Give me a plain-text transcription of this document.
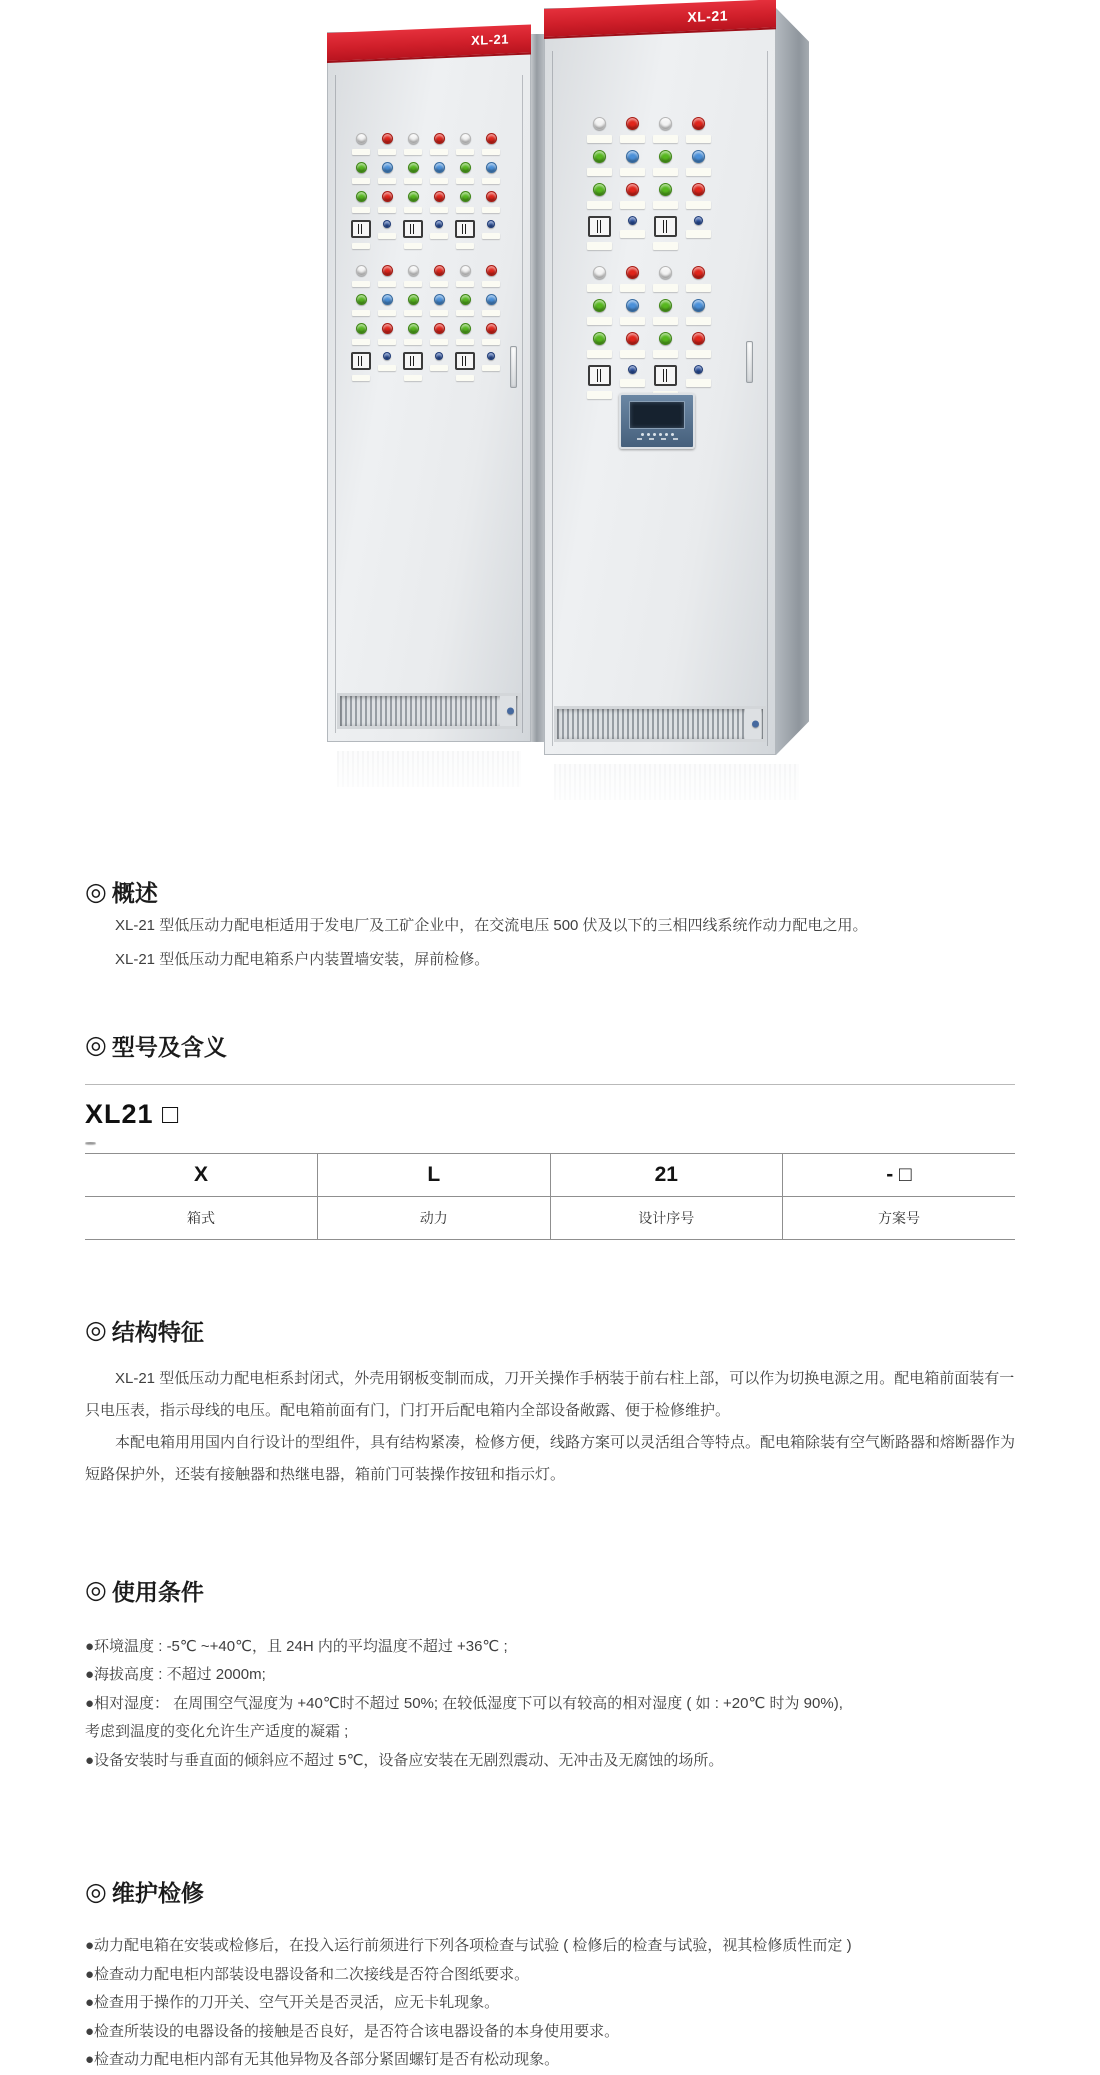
XL-21
XL-21
◎ 概述

XL-21 型低压动力配电柜适用于发电厂及工矿企业中，在交流电压 500 伏及以下的三相四线系统作动力配电之用。

XL-21 型低压动力配电箱系户内装置墙安装，屏前检修。

◎ 型号及含义
XL21 □
X	L	21	- □
箱式	动力	设计序号	方案号
◎ 结构特征

XL-21 型低压动力配电柜系封闭式，外壳用钢板变制而成，刀开关操作手柄装于前右柱上部，可以作为切换电源之用。配电箱前面装有一只电压表，指示母线的电压。配电箱前面有门，门打开后配电箱内全部设备敞露、便于检修维护。

本配电箱用用国内自行设计的型组件，具有结构紧凑，检修方便，线路方案可以灵活组合等特点。配电箱除装有空气断路器和熔断器作为短路保护外，还装有接触器和热继电器，箱前门可装操作按钮和指示灯。

◎ 使用条件
●环境温度 : -5℃ ~+40℃，且 24H 内的平均温度不超过 +36℃ ;
●海拔高度 : 不超过 2000m;
●相对湿度： 在周围空气湿度为 +40℃时不超过 50%; 在较低湿度下可以有较高的相对湿度 ( 如 : +20℃ 时为 90%),
考虑到温度的变化允许生产适度的凝霜 ;
●设备安装时与垂直面的倾斜应不超过 5℃，设备应安装在无剧烈震动、无冲击及无腐蚀的场所。
◎ 维护检修
●动力配电箱在安装或检修后，在投入运行前须进行下列各项检查与试验 ( 检修后的检查与试验，视其检修质性而定 )
●检查动力配电柜内部装设电器设备和二次接线是否符合图纸要求。
●检查用于操作的刀开关、空气开关是否灵活，应无卡轧现象。
●检查所装设的电器设备的接触是否良好，是否符合该电器设备的本身使用要求。
●检查动力配电柜内部有无其他异物及各部分紧固螺钉是否有松动现象。
